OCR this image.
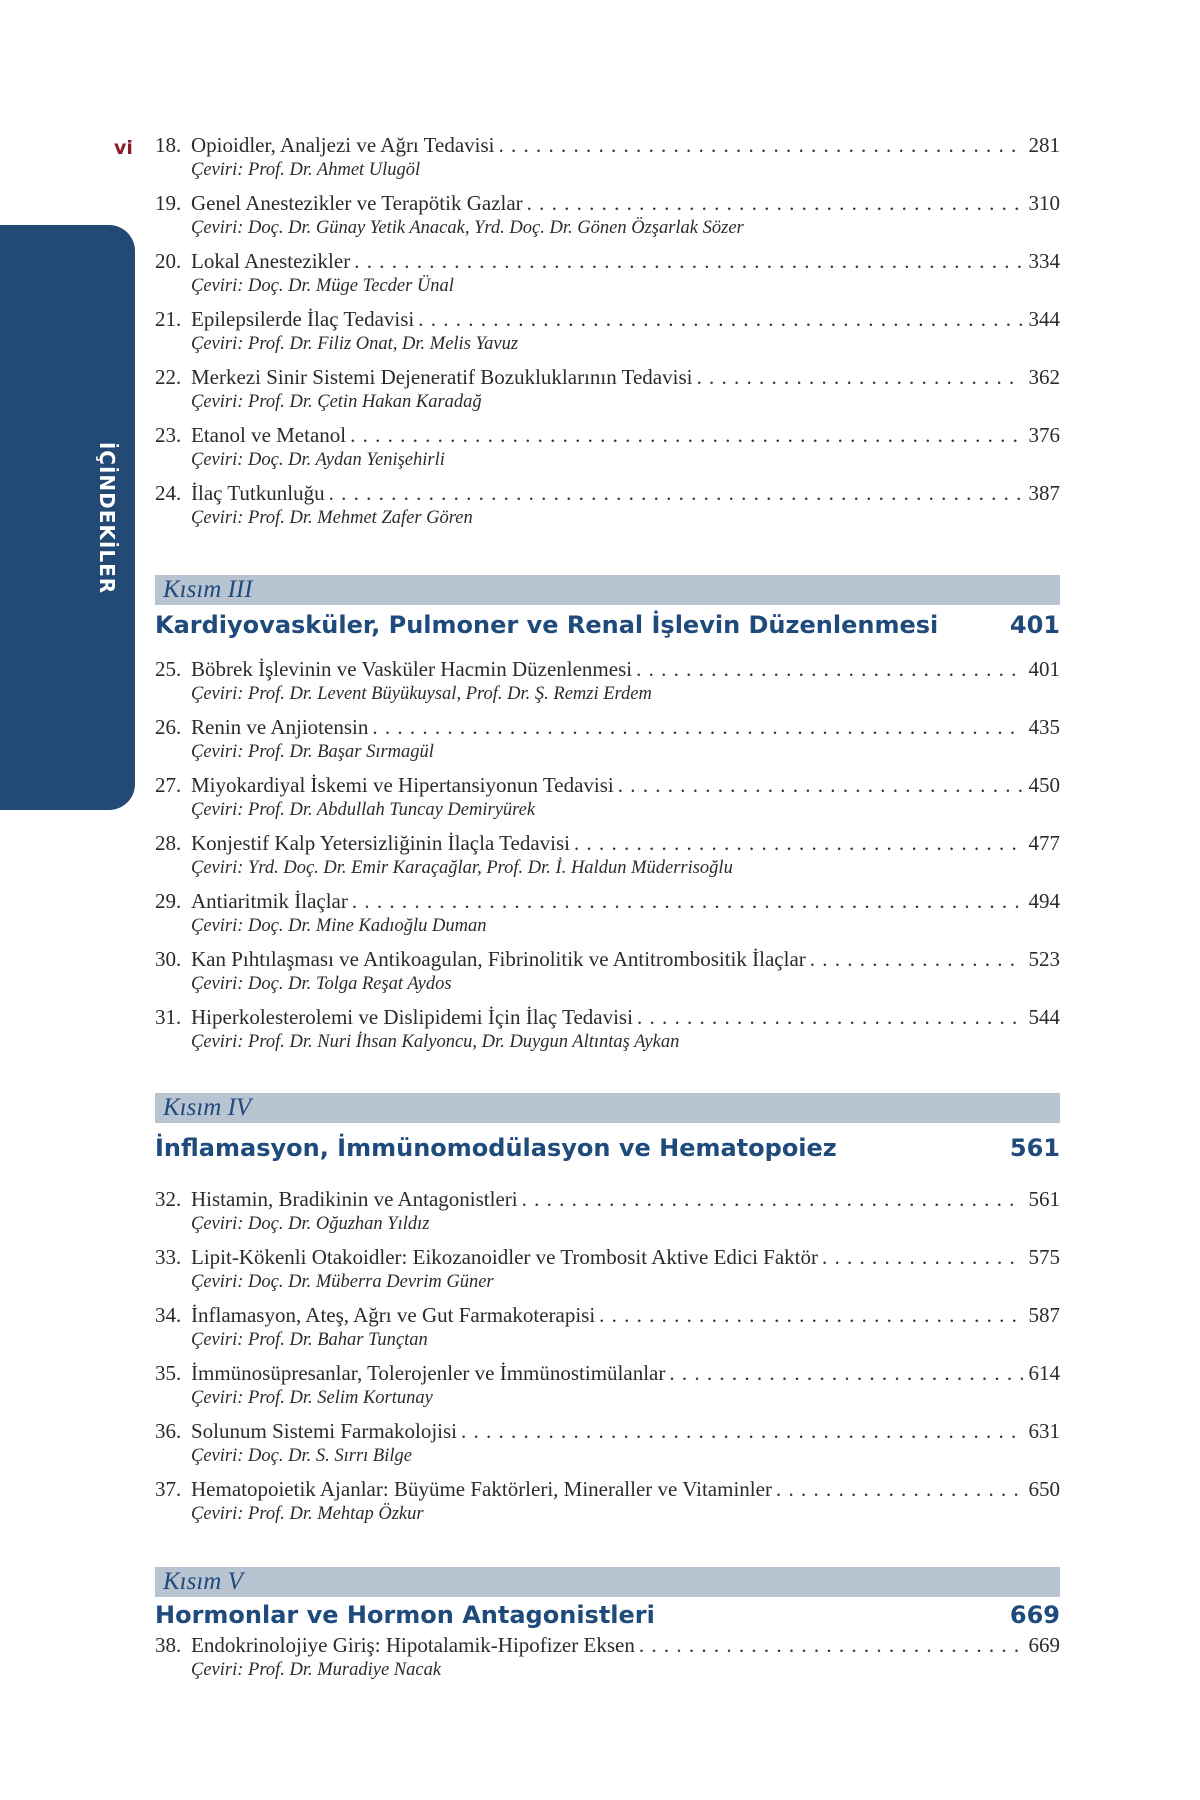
vi
İÇİNDEKİLER
18. Opioidler, Analjezi ve Ağrı Tedavisi . . .	281
Çeviri: Prof. Dr. Ahmet Ulugöl
19. Genel Anestezikler ve Terapötik Gazlar . . .	310
Çeviri: Doç. Dr. Günay Yetik Anacak, Yrd. Doç. Dr. Gönen Özşarlak Sözer
20. Lokal Anestezikler . . .	334
Çeviri: Doç. Dr. Müge Tecder Ünal
21. Epilepsilerde İlaç Tedavisi . . .	344
Çeviri: Prof. Dr. Filiz Onat, Dr. Melis Yavuz
22. Merkezi Sinir Sistemi Dejeneratif Bozukluklarının Tedavisi . . .	362
Çeviri: Prof. Dr. Çetin Hakan Karadağ
23. Etanol ve Metanol . . .	376
Çeviri: Doç. Dr. Aydan Yenişehirli
24. İlaç Tutkunluğu . . .	387
Çeviri: Prof. Dr. Mehmet Zafer Gören
Kısım III
Kardiyovasküler, Pulmoner ve Renal İşlevin Düzenlenmesi	401
25. Böbrek İşlevinin ve Vasküler Hacmin Düzenlenmesi . . .	401
Çeviri: Prof. Dr. Levent Büyükuysal, Prof. Dr. Ş. Remzi Erdem
26. Renin ve Anjiotensin . . .	435
Çeviri: Prof. Dr. Başar Sırmagül
27. Miyokardiyal İskemi ve Hipertansiyonun Tedavisi . . .	450
Çeviri: Prof. Dr. Abdullah Tuncay Demiryürek
28. Konjestif Kalp Yetersizliğinin İlaçla Tedavisi . . .	477
Çeviri: Yrd. Doç. Dr. Emir Karaçağlar, Prof. Dr. İ. Haldun Müderrisoğlu
29. Antiaritmik İlaçlar . . .	494
Çeviri: Doç. Dr. Mine Kadıoğlu Duman
30. Kan Pıhtılaşması ve Antikoagulan, Fibrinolitik ve Antitrombositik İlaçlar . . .	523
Çeviri: Doç. Dr. Tolga Reşat Aydos
31. Hiperkolesterolemi ve Dislipidemi İçin İlaç Tedavisi . . .	544
Çeviri: Prof. Dr. Nuri İhsan Kalyoncu, Dr. Duygun Altıntaş Aykan
Kısım IV
İnflamasyon, İmmünomodülasyon ve Hematopoiez	561
32. Histamin, Bradikinin ve Antagonistleri . . .	561
Çeviri: Doç. Dr. Oğuzhan Yıldız
33. Lipit-Kökenli Otakoidler: Eikozanoidler ve Trombosit Aktive Edici Faktör . . .	575
Çeviri: Doç. Dr. Müberra Devrim Güner
34. İnflamasyon, Ateş, Ağrı ve Gut Farmakoterapisi . . .	587
Çeviri: Prof. Dr. Bahar Tunçtan
35. İmmünosüpresanlar, Tolerojenler ve İmmünostimülanlar . . .	614
Çeviri: Prof. Dr. Selim Kortunay
36. Solunum Sistemi Farmakolojisi . . .	631
Çeviri: Doç. Dr. S. Sırrı Bilge
37. Hematopoietik Ajanlar: Büyüme Faktörleri, Mineraller ve Vitaminler . . .	650
Çeviri: Prof. Dr. Mehtap Özkur
Kısım V
Hormonlar ve Hormon Antagonistleri	669
38. Endokrinolojiye Giriş: Hipotalamik-Hipofizer Eksen . . .	669
Çeviri: Prof. Dr. Muradiye Nacak
